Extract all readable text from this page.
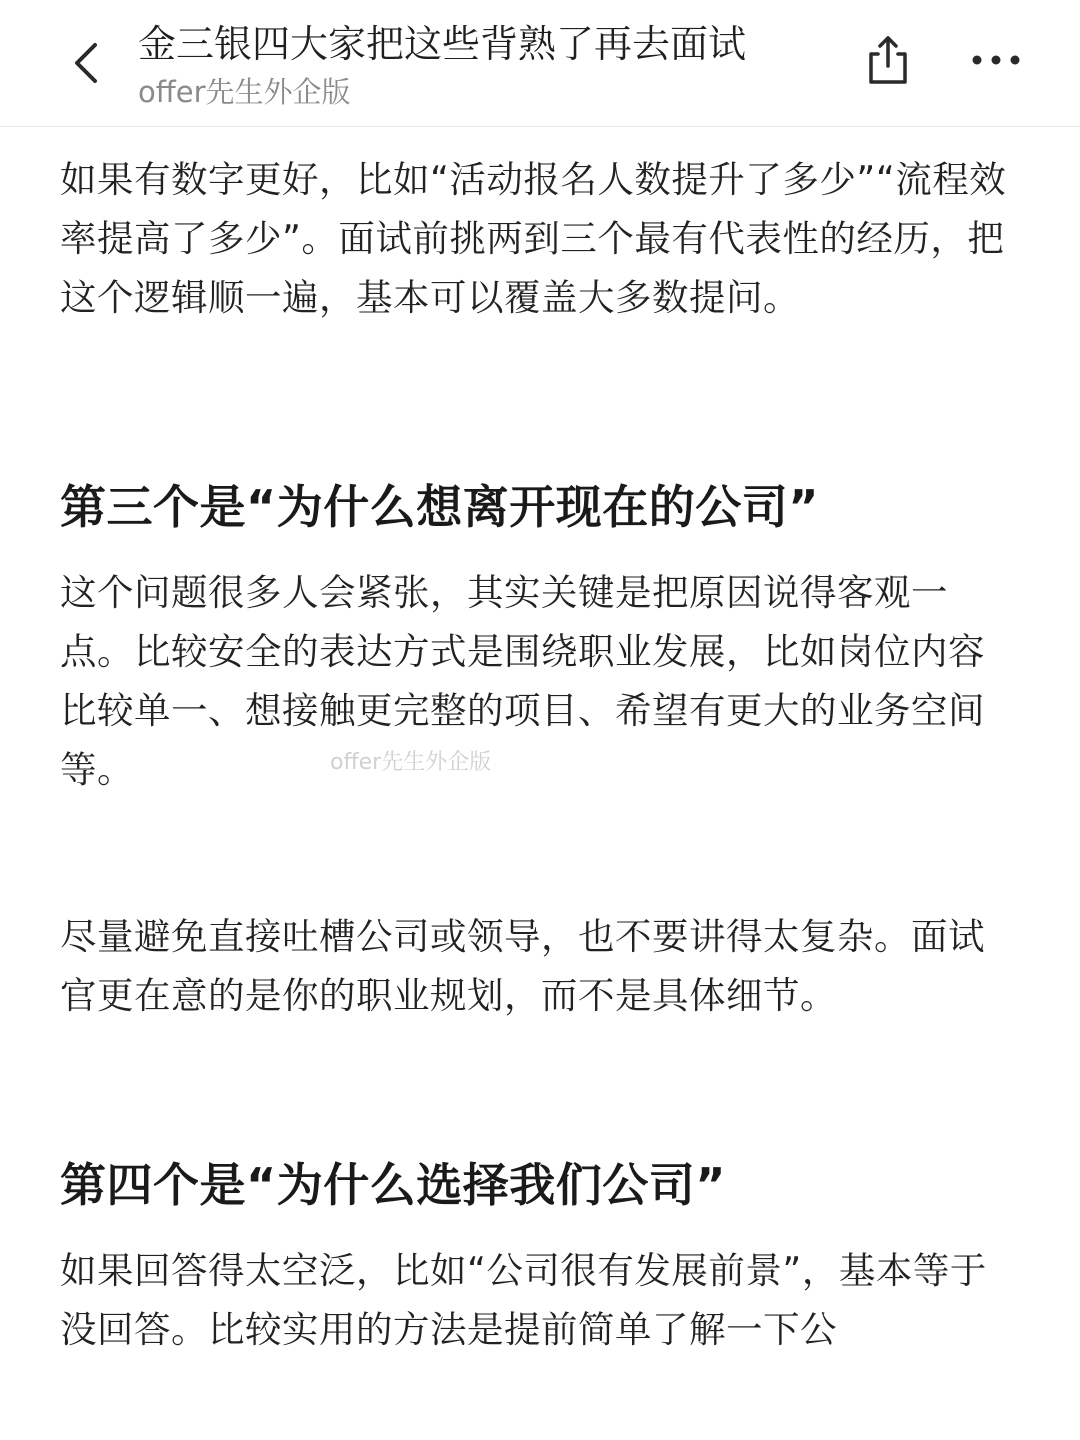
金三银四大家把这些背熟了再去面试
offer先生外企版

如果有数字更好，比如“活动报名人数提升了多少”“流程效率提高了多少”。面试前挑两到三个最有代表性的经历，把这个逻辑顺一遍，基本可以覆盖大多数提问。

第三个是“为什么想离开现在的公司”

这个问题很多人会紧张，其实关键是把原因说得客观一点。比较安全的表达方式是围绕职业发展，比如岗位内容比较单一、想接触更完整的项目、希望有更大的业务空间等。

尽量避免直接吐槽公司或领导，也不要讲得太复杂。面试官更在意的是你的职业规划，而不是具体细节。

第四个是“为什么选择我们公司”

如果回答得太空泛，比如“公司很有发展前景”，基本等于没回答。比较实用的方法是提前简单了解一下公

offer先生外企版
